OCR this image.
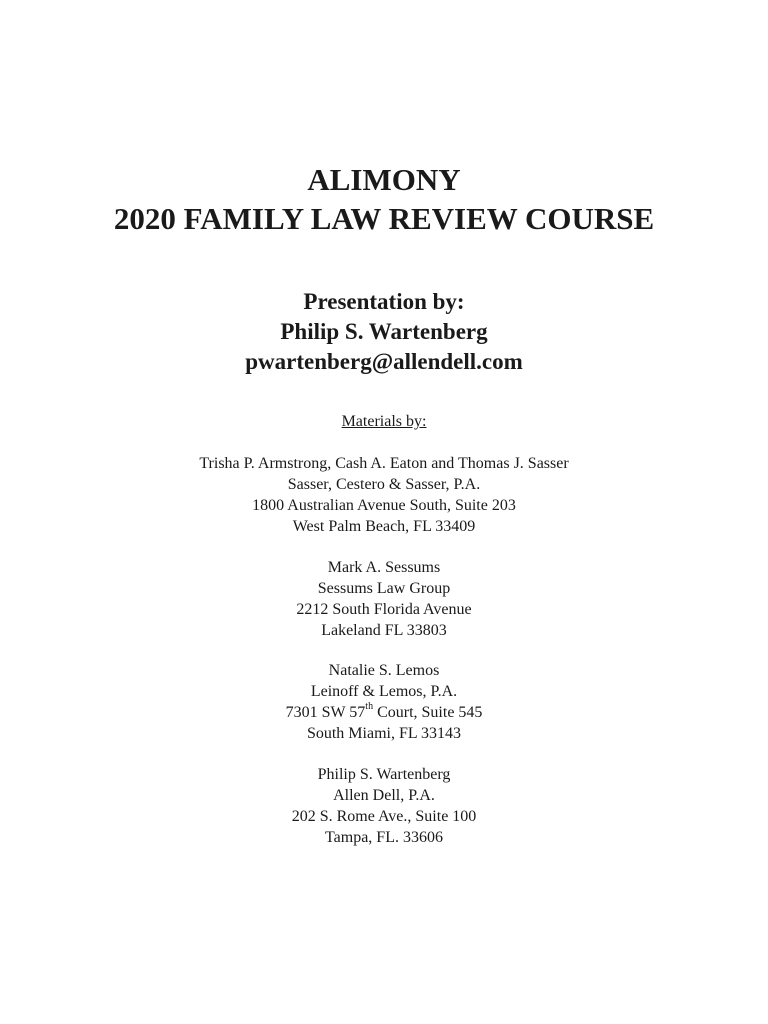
ALIMONY
2020 FAMILY LAW REVIEW COURSE
Presentation by:
Philip S. Wartenberg
pwartenberg@allendell.com
Materials by:
Trisha P. Armstrong, Cash A. Eaton and Thomas J. Sasser
Sasser, Cestero & Sasser, P.A.
1800 Australian Avenue South, Suite 203
West Palm Beach, FL 33409
Mark A. Sessums
Sessums Law Group
2212 South Florida Avenue
Lakeland FL 33803
Natalie S. Lemos
Leinoff & Lemos, P.A.
7301 SW 57th Court, Suite 545
South Miami, FL 33143
Philip S. Wartenberg
Allen Dell, P.A.
202 S. Rome Ave., Suite 100
Tampa, FL. 33606
